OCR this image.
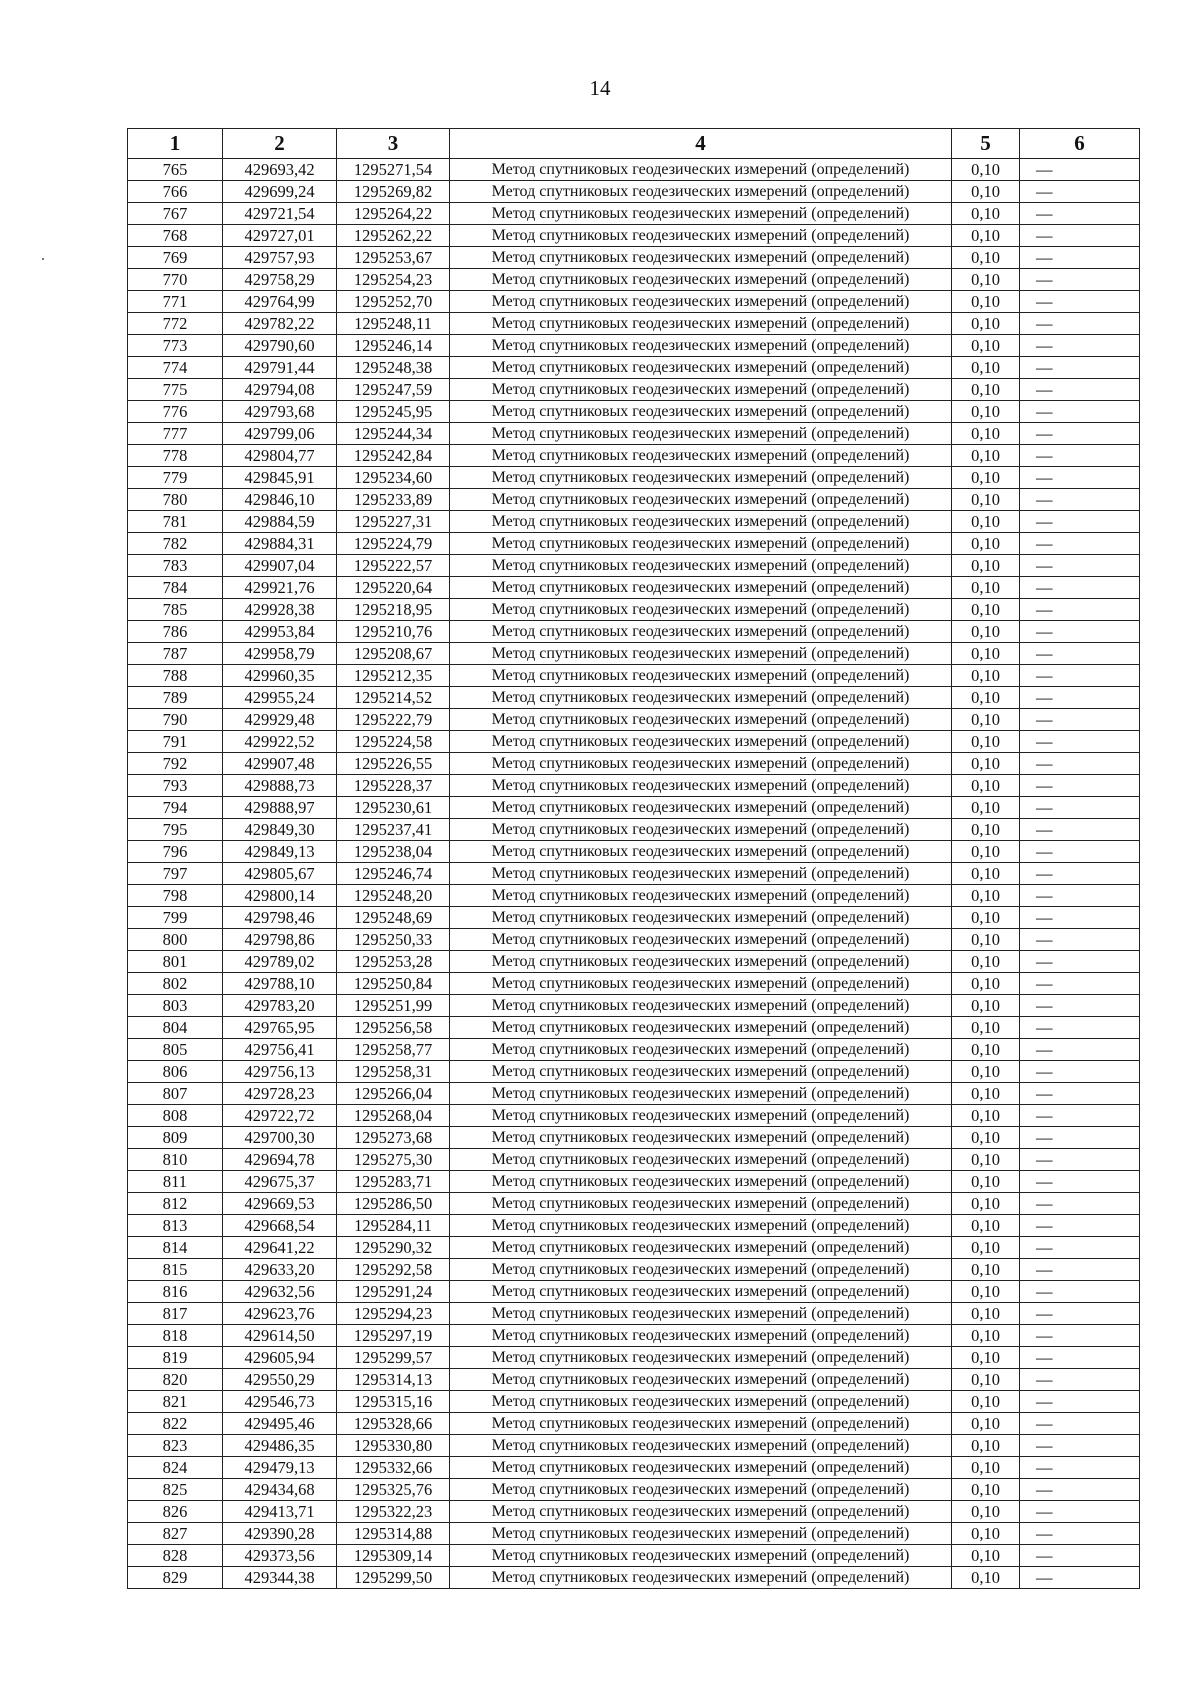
14
1	2	3	4	5	6
765	429693,42	1295271,54	Метод спутниковых геодезических измерений (определений)	0,10	—
766	429699,24	1295269,82	Метод спутниковых геодезических измерений (определений)	0,10	—
767	429721,54	1295264,22	Метод спутниковых геодезических измерений (определений)	0,10	—
768	429727,01	1295262,22	Метод спутниковых геодезических измерений (определений)	0,10	—
769	429757,93	1295253,67	Метод спутниковых геодезических измерений (определений)	0,10	—
770	429758,29	1295254,23	Метод спутниковых геодезических измерений (определений)	0,10	—
771	429764,99	1295252,70	Метод спутниковых геодезических измерений (определений)	0,10	—
772	429782,22	1295248,11	Метод спутниковых геодезических измерений (определений)	0,10	—
773	429790,60	1295246,14	Метод спутниковых геодезических измерений (определений)	0,10	—
774	429791,44	1295248,38	Метод спутниковых геодезических измерений (определений)	0,10	—
775	429794,08	1295247,59	Метод спутниковых геодезических измерений (определений)	0,10	—
776	429793,68	1295245,95	Метод спутниковых геодезических измерений (определений)	0,10	—
777	429799,06	1295244,34	Метод спутниковых геодезических измерений (определений)	0,10	—
778	429804,77	1295242,84	Метод спутниковых геодезических измерений (определений)	0,10	—
779	429845,91	1295234,60	Метод спутниковых геодезических измерений (определений)	0,10	—
780	429846,10	1295233,89	Метод спутниковых геодезических измерений (определений)	0,10	—
781	429884,59	1295227,31	Метод спутниковых геодезических измерений (определений)	0,10	—
782	429884,31	1295224,79	Метод спутниковых геодезических измерений (определений)	0,10	—
783	429907,04	1295222,57	Метод спутниковых геодезических измерений (определений)	0,10	—
784	429921,76	1295220,64	Метод спутниковых геодезических измерений (определений)	0,10	—
785	429928,38	1295218,95	Метод спутниковых геодезических измерений (определений)	0,10	—
786	429953,84	1295210,76	Метод спутниковых геодезических измерений (определений)	0,10	—
787	429958,79	1295208,67	Метод спутниковых геодезических измерений (определений)	0,10	—
788	429960,35	1295212,35	Метод спутниковых геодезических измерений (определений)	0,10	—
789	429955,24	1295214,52	Метод спутниковых геодезических измерений (определений)	0,10	—
790	429929,48	1295222,79	Метод спутниковых геодезических измерений (определений)	0,10	—
791	429922,52	1295224,58	Метод спутниковых геодезических измерений (определений)	0,10	—
792	429907,48	1295226,55	Метод спутниковых геодезических измерений (определений)	0,10	—
793	429888,73	1295228,37	Метод спутниковых геодезических измерений (определений)	0,10	—
794	429888,97	1295230,61	Метод спутниковых геодезических измерений (определений)	0,10	—
795	429849,30	1295237,41	Метод спутниковых геодезических измерений (определений)	0,10	—
796	429849,13	1295238,04	Метод спутниковых геодезических измерений (определений)	0,10	—
797	429805,67	1295246,74	Метод спутниковых геодезических измерений (определений)	0,10	—
798	429800,14	1295248,20	Метод спутниковых геодезических измерений (определений)	0,10	—
799	429798,46	1295248,69	Метод спутниковых геодезических измерений (определений)	0,10	—
800	429798,86	1295250,33	Метод спутниковых геодезических измерений (определений)	0,10	—
801	429789,02	1295253,28	Метод спутниковых геодезических измерений (определений)	0,10	—
802	429788,10	1295250,84	Метод спутниковых геодезических измерений (определений)	0,10	—
803	429783,20	1295251,99	Метод спутниковых геодезических измерений (определений)	0,10	—
804	429765,95	1295256,58	Метод спутниковых геодезических измерений (определений)	0,10	—
805	429756,41	1295258,77	Метод спутниковых геодезических измерений (определений)	0,10	—
806	429756,13	1295258,31	Метод спутниковых геодезических измерений (определений)	0,10	—
807	429728,23	1295266,04	Метод спутниковых геодезических измерений (определений)	0,10	—
808	429722,72	1295268,04	Метод спутниковых геодезических измерений (определений)	0,10	—
809	429700,30	1295273,68	Метод спутниковых геодезических измерений (определений)	0,10	—
810	429694,78	1295275,30	Метод спутниковых геодезических измерений (определений)	0,10	—
811	429675,37	1295283,71	Метод спутниковых геодезических измерений (определений)	0,10	—
812	429669,53	1295286,50	Метод спутниковых геодезических измерений (определений)	0,10	—
813	429668,54	1295284,11	Метод спутниковых геодезических измерений (определений)	0,10	—
814	429641,22	1295290,32	Метод спутниковых геодезических измерений (определений)	0,10	—
815	429633,20	1295292,58	Метод спутниковых геодезических измерений (определений)	0,10	—
816	429632,56	1295291,24	Метод спутниковых геодезических измерений (определений)	0,10	—
817	429623,76	1295294,23	Метод спутниковых геодезических измерений (определений)	0,10	—
818	429614,50	1295297,19	Метод спутниковых геодезических измерений (определений)	0,10	—
819	429605,94	1295299,57	Метод спутниковых геодезических измерений (определений)	0,10	—
820	429550,29	1295314,13	Метод спутниковых геодезических измерений (определений)	0,10	—
821	429546,73	1295315,16	Метод спутниковых геодезических измерений (определений)	0,10	—
822	429495,46	1295328,66	Метод спутниковых геодезических измерений (определений)	0,10	—
823	429486,35	1295330,80	Метод спутниковых геодезических измерений (определений)	0,10	—
824	429479,13	1295332,66	Метод спутниковых геодезических измерений (определений)	0,10	—
825	429434,68	1295325,76	Метод спутниковых геодезических измерений (определений)	0,10	—
826	429413,71	1295322,23	Метод спутниковых геодезических измерений (определений)	0,10	—
827	429390,28	1295314,88	Метод спутниковых геодезических измерений (определений)	0,10	—
828	429373,56	1295309,14	Метод спутниковых геодезических измерений (определений)	0,10	—
829	429344,38	1295299,50	Метод спутниковых геодезических измерений (определений)	0,10	—
